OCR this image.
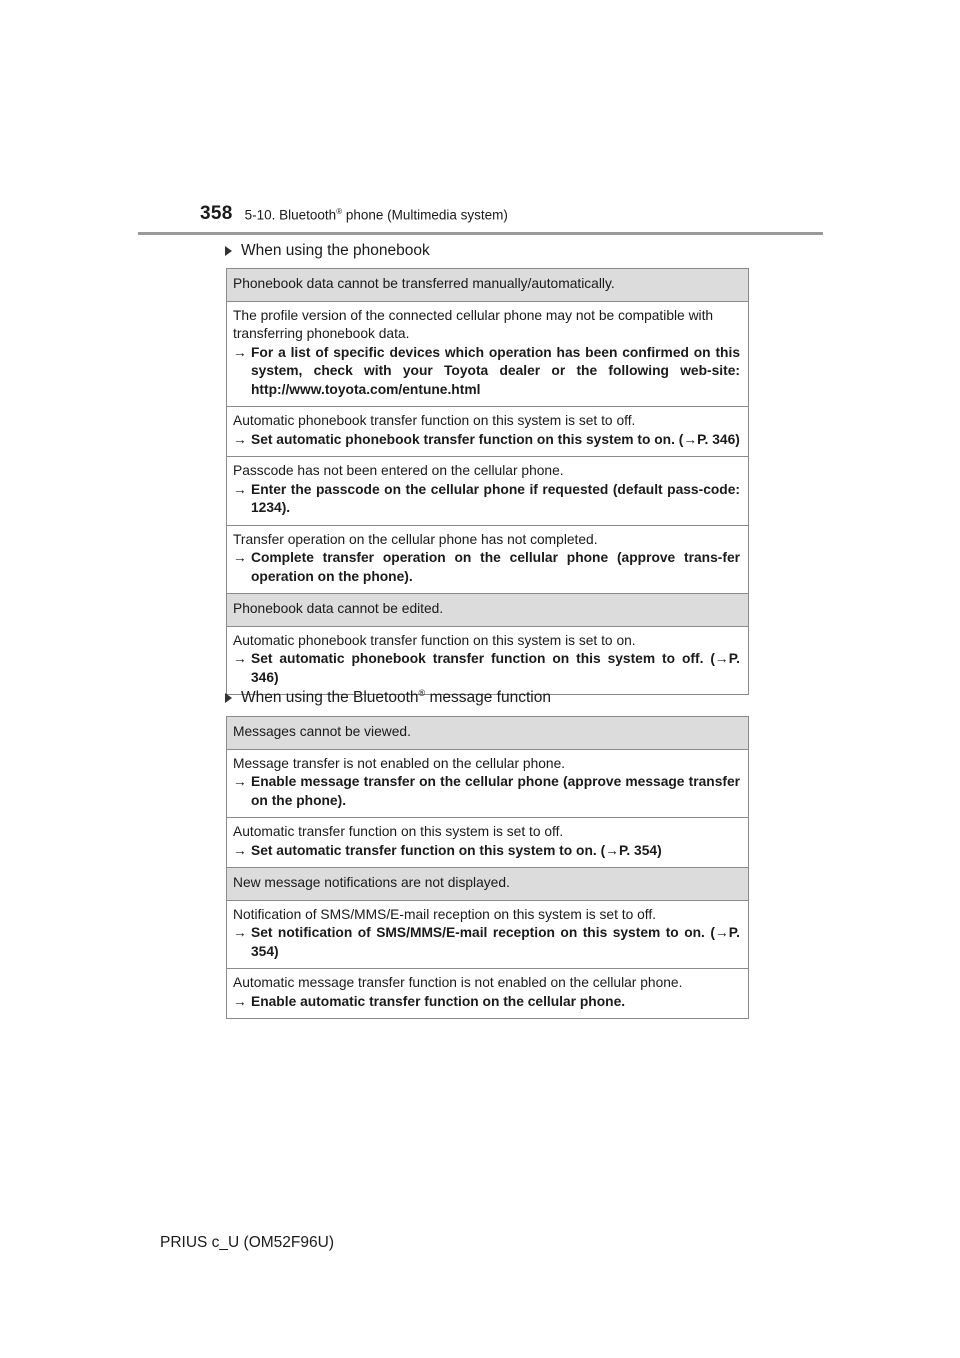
358 5-10. Bluetooth® phone (Multimedia system)
When using the phonebook
Phonebook data cannot be transferred manually/automatically.

The profile version of the connected cellular phone may not be compatible with transferring phonebook data.

→ For a list of specific devices which operation has been confirmed on this system, check with your Toyota dealer or the following web-site: http://www.toyota.com/entune.html

Automatic phonebook transfer function on this system is set to off.

→ Set automatic phonebook transfer function on this system to on. (→P. 346)

Passcode has not been entered on the cellular phone.

→ Enter the passcode on the cellular phone if requested (default pass-code: 1234).

Transfer operation on the cellular phone has not completed.

→ Complete transfer operation on the cellular phone (approve trans-fer operation on the phone).

Phonebook data cannot be edited.

Automatic phonebook transfer function on this system is set to on.

→ Set automatic phonebook transfer function on this system to off. (→P. 346)

When using the Bluetooth® message function
Messages cannot be viewed.

Message transfer is not enabled on the cellular phone.

→ Enable message transfer on the cellular phone (approve message transfer on the phone).

Automatic transfer function on this system is set to off.

→ Set automatic transfer function on this system to on. (→P. 354)

New message notifications are not displayed.

Notification of SMS/MMS/E-mail reception on this system is set to off.

→ Set notification of SMS/MMS/E-mail reception on this system to on. (→P. 354)

Automatic message transfer function is not enabled on the cellular phone.

→ Enable automatic transfer function on the cellular phone.

PRIUS c_U (OM52F96U)
